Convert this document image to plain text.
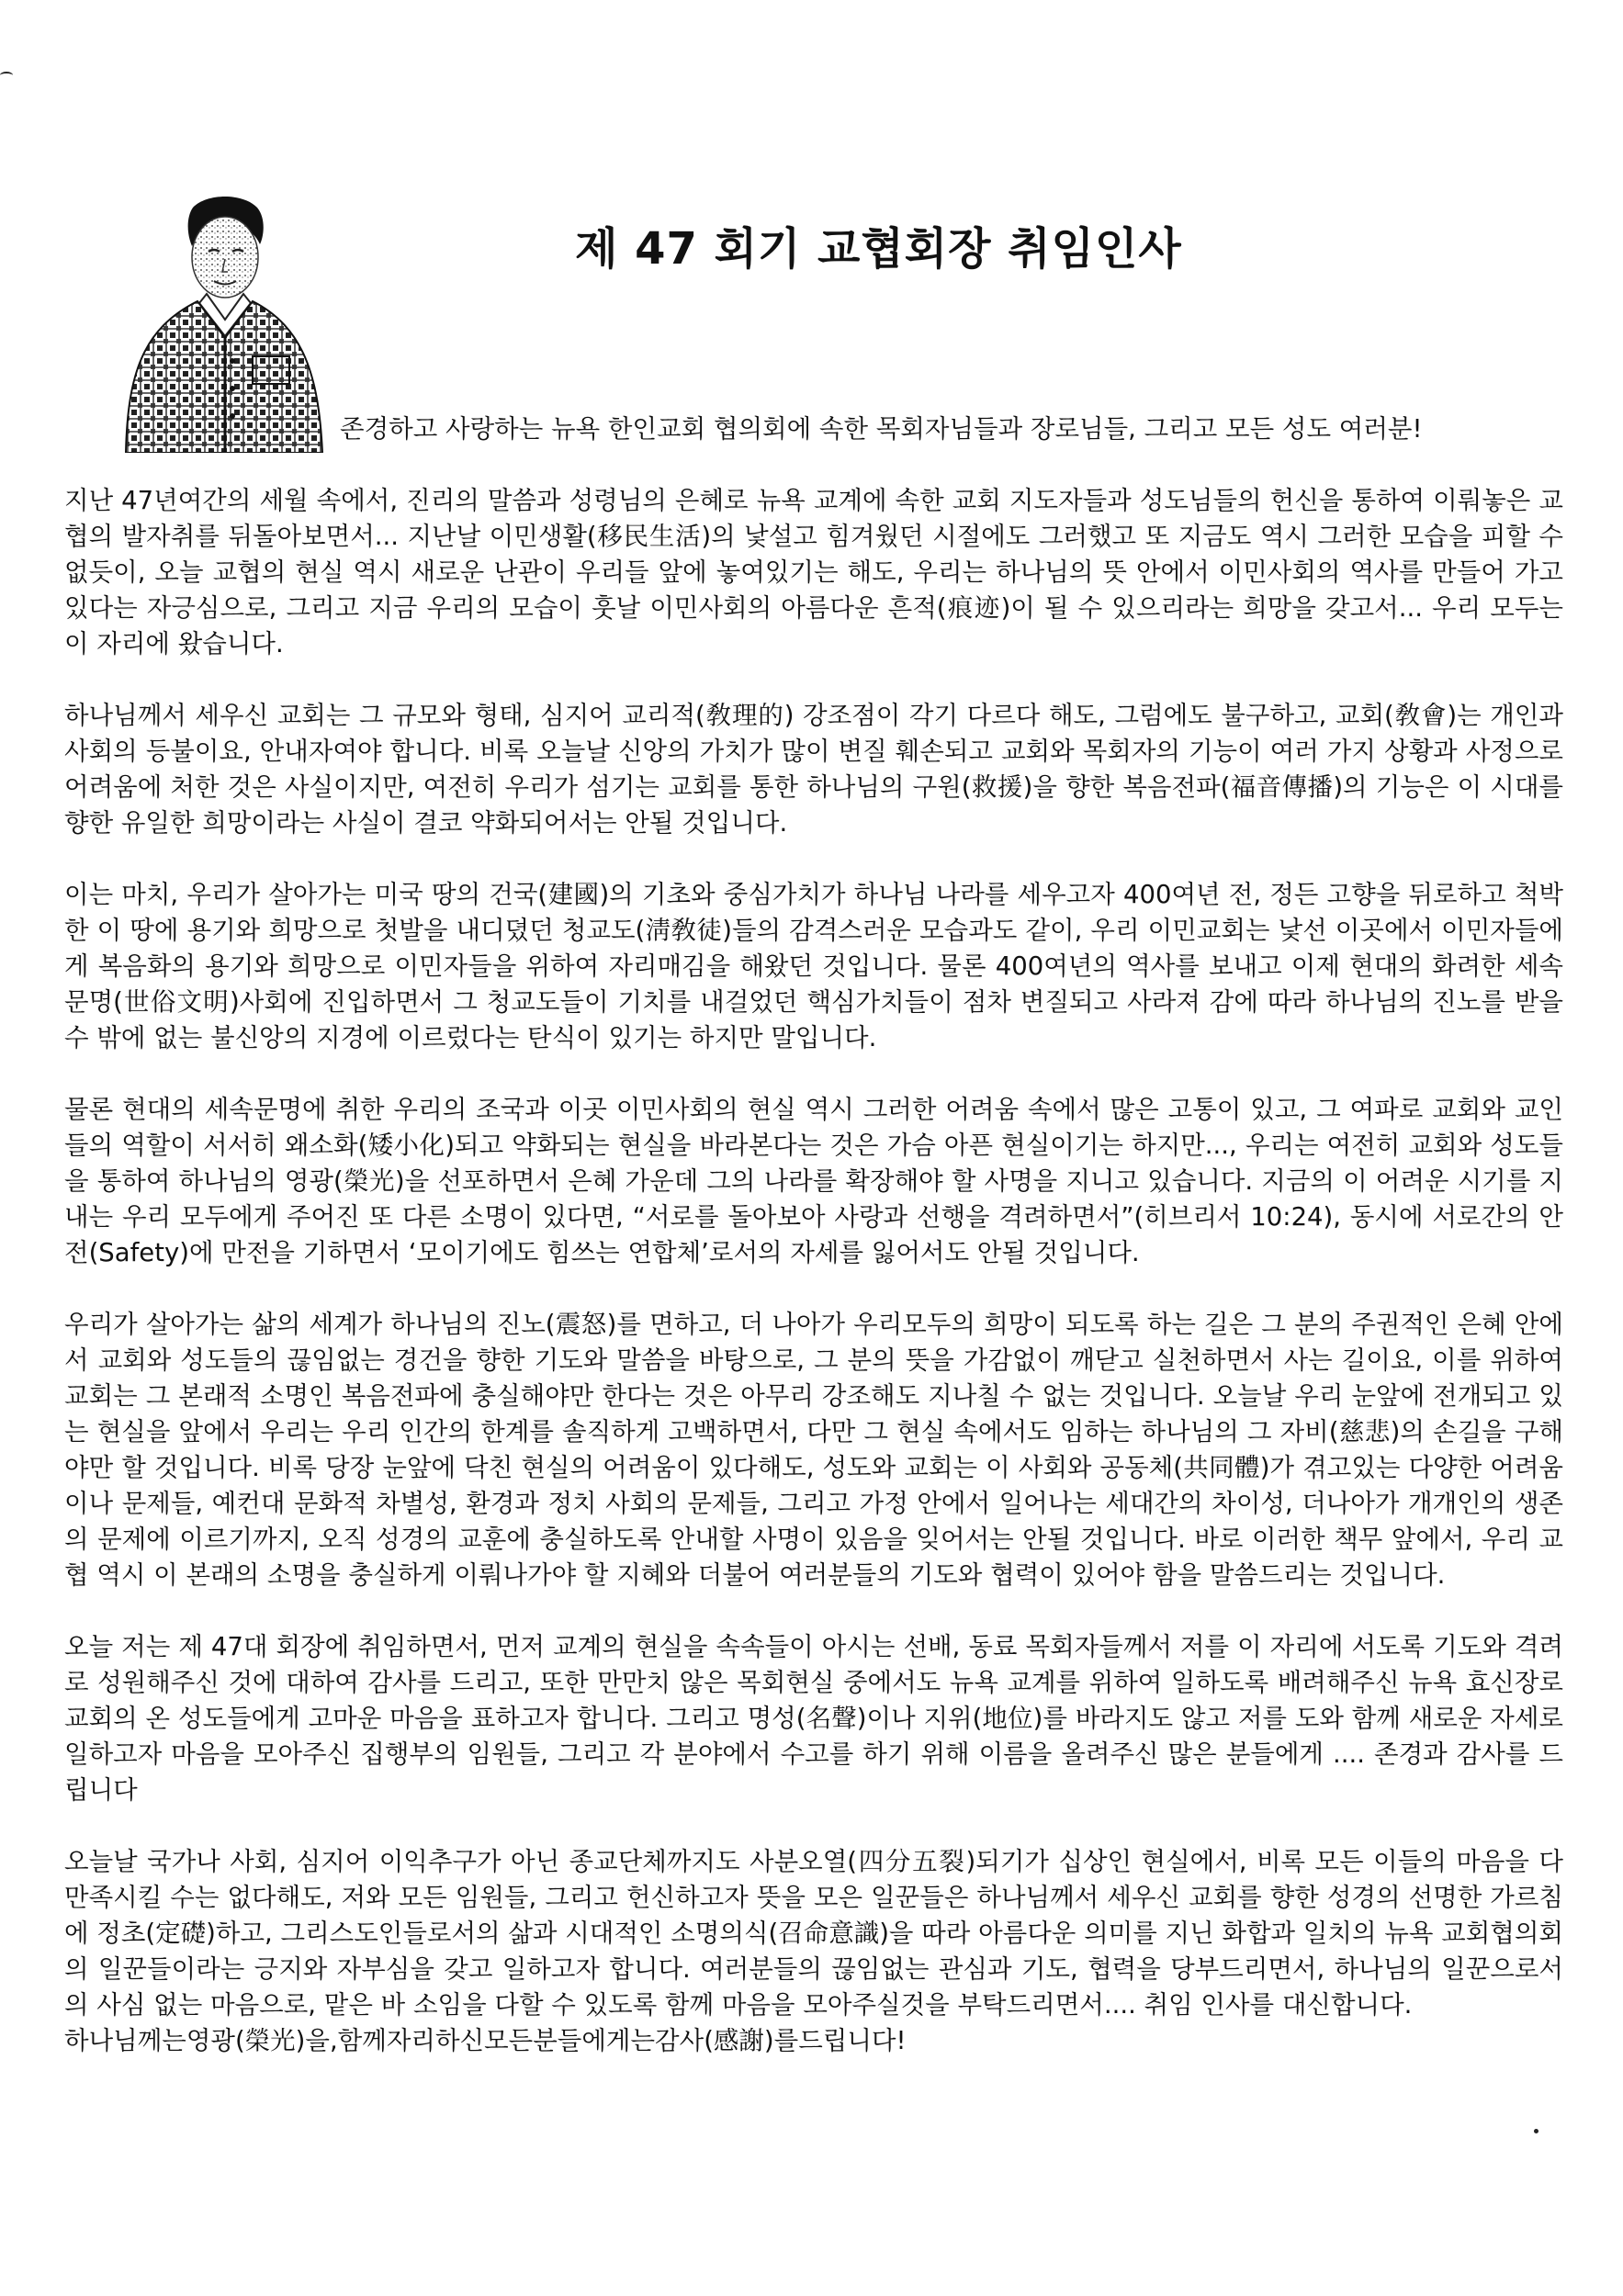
제 47 회기 교협회장 취임인사

존경하고 사랑하는 뉴욕 한인교회 협의회에 속한 목회자님들과 장로님들, 그리고 모든 성도 여러분!

지난 47년여간의 세월 속에서, 진리의 말씀과 성령님의 은혜로 뉴욕 교계에 속한 교회 지도자들과 성도님들의 헌신을 통하여 이뤄놓은 교협의 발자취를 뒤돌아보면서... 지난날 이민생활(移民生活)의 낯설고 힘겨웠던 시절에도 그러했고 또 지금도 역시 그러한 모습을 피할 수 없듯이, 오늘 교협의 현실 역시 새로운 난관이 우리들 앞에 놓여있기는 해도, 우리는 하나님의 뜻 안에서 이민사회의 역사를 만들어 가고 있다는 자긍심으로, 그리고 지금 우리의 모습이 훗날 이민사회의 아름다운 흔적(痕迹)이 될 수 있으리라는 희망을 갖고서... 우리 모두는 이 자리에 왔습니다.

하나님께서 세우신 교회는 그 규모와 형태, 심지어 교리적(敎理的) 강조점이 각기 다르다 해도, 그럼에도 불구하고, 교회(敎會)는 개인과 사회의 등불이요, 안내자여야 합니다. 비록 오늘날 신앙의 가치가 많이 변질 훼손되고 교회와 목회자의 기능이 여러 가지 상황과 사정으로 어려움에 처한 것은 사실이지만, 여전히 우리가 섬기는 교회를 통한 하나님의 구원(救援)을 향한 복음전파(福音傳播)의 기능은 이 시대를 향한 유일한 희망이라는 사실이 결코 약화되어서는 안될 것입니다.

이는 마치, 우리가 살아가는 미국 땅의 건국(建國)의 기초와 중심가치가 하나님 나라를 세우고자 400여년 전, 정든 고향을 뒤로하고 척박한 이 땅에 용기와 희망으로 첫발을 내디뎠던 청교도(淸敎徒)들의 감격스러운 모습과도 같이, 우리 이민교회는 낯선 이곳에서 이민자들에게 복음화의 용기와 희망으로 이민자들을 위하여 자리매김을 해왔던 것입니다. 물론 400여년의 역사를 보내고 이제 현대의 화려한 세속문명(世俗文明)사회에 진입하면서 그 청교도들이 기치를 내걸었던 핵심가치들이 점차 변질되고 사라져 감에 따라 하나님의 진노를 받을 수 밖에 없는 불신앙의 지경에 이르렀다는 탄식이 있기는 하지만 말입니다.

물론 현대의 세속문명에 취한 우리의 조국과 이곳 이민사회의 현실 역시 그러한 어려움 속에서 많은 고통이 있고, 그 여파로 교회와 교인들의 역할이 서서히 왜소화(矮小化)되고 약화되는 현실을 바라본다는 것은 가슴 아픈 현실이기는 하지만..., 우리는 여전히 교회와 성도들을 통하여 하나님의 영광(榮光)을 선포하면서 은혜 가운데 그의 나라를 확장해야 할 사명을 지니고 있습니다. 지금의 이 어려운 시기를 지내는 우리 모두에게 주어진 또 다른 소명이 있다면, “서로를 돌아보아 사랑과 선행을 격려하면서”(히브리서 10:24), 동시에 서로간의 안전(Safety)에 만전을 기하면서 ‘모이기에도 힘쓰는 연합체’로서의 자세를 잃어서도 안될 것입니다.

우리가 살아가는 삶의 세계가 하나님의 진노(震怒)를 면하고, 더 나아가 우리모두의 희망이 되도록 하는 길은 그 분의 주권적인 은혜 안에서 교회와 성도들의 끊임없는 경건을 향한 기도와 말씀을 바탕으로, 그 분의 뜻을 가감없이 깨닫고 실천하면서 사는 길이요, 이를 위하여 교회는 그 본래적 소명인 복음전파에 충실해야만 한다는 것은 아무리 강조해도 지나칠 수 없는 것입니다. 오늘날 우리 눈앞에 전개되고 있는 현실을 앞에서 우리는 우리 인간의 한계를 솔직하게 고백하면서, 다만 그 현실 속에서도 임하는 하나님의 그 자비(慈悲)의 손길을 구해야만 할 것입니다. 비록 당장 눈앞에 닥친 현실의 어려움이 있다해도, 성도와 교회는 이 사회와 공동체(共同體)가 겪고있는 다양한 어려움이나 문제들, 예컨대 문화적 차별성, 환경과 정치 사회의 문제들, 그리고 가정 안에서 일어나는 세대간의 차이성, 더나아가 개개인의 생존의 문제에 이르기까지, 오직 성경의 교훈에 충실하도록 안내할 사명이 있음을 잊어서는 안될 것입니다. 바로 이러한 책무 앞에서, 우리 교협 역시 이 본래의 소명을 충실하게 이뤄나가야 할 지혜와 더불어 여러분들의 기도와 협력이 있어야 함을 말씀드리는 것입니다.

오늘 저는 제 47대 회장에 취임하면서, 먼저 교계의 현실을 속속들이 아시는 선배, 동료 목회자들께서 저를 이 자리에 서도록 기도와 격려로 성원해주신 것에 대하여 감사를 드리고, 또한 만만치 않은 목회현실 중에서도 뉴욕 교계를 위하여 일하도록 배려해주신 뉴욕 효신장로교회의 온 성도들에게 고마운 마음을 표하고자 합니다. 그리고 명성(名聲)이나 지위(地位)를 바라지도 않고 저를 도와 함께 새로운 자세로 일하고자 마음을 모아주신 집행부의 임원들, 그리고 각 분야에서 수고를 하기 위해 이름을 올려주신 많은 분들에게 .... 존경과 감사를 드립니다

오늘날 국가나 사회, 심지어 이익추구가 아닌 종교단체까지도 사분오열(四分五裂)되기가 십상인 현실에서, 비록 모든 이들의 마음을 다 만족시킬 수는 없다해도, 저와 모든 임원들, 그리고 헌신하고자 뜻을 모은 일꾼들은 하나님께서 세우신 교회를 향한 성경의 선명한 가르침에 정초(定礎)하고, 그리스도인들로서의 삶과 시대적인 소명의식(召命意識)을 따라 아름다운 의미를 지닌 화합과 일치의 뉴욕 교회협의회의 일꾼들이라는 긍지와 자부심을 갖고 일하고자 합니다. 여러분들의 끊임없는 관심과 기도, 협력을 당부드리면서, 하나님의 일꾼으로서의 사심 없는 마음으로, 맡은 바 소임을 다할 수 있도록 함께 마음을 모아주실것을 부탁드리면서.... 취임 인사를 대신합니다.

하나님께는영광(榮光)을,함께자리하신모든분들에게는감사(感謝)를드립니다!
